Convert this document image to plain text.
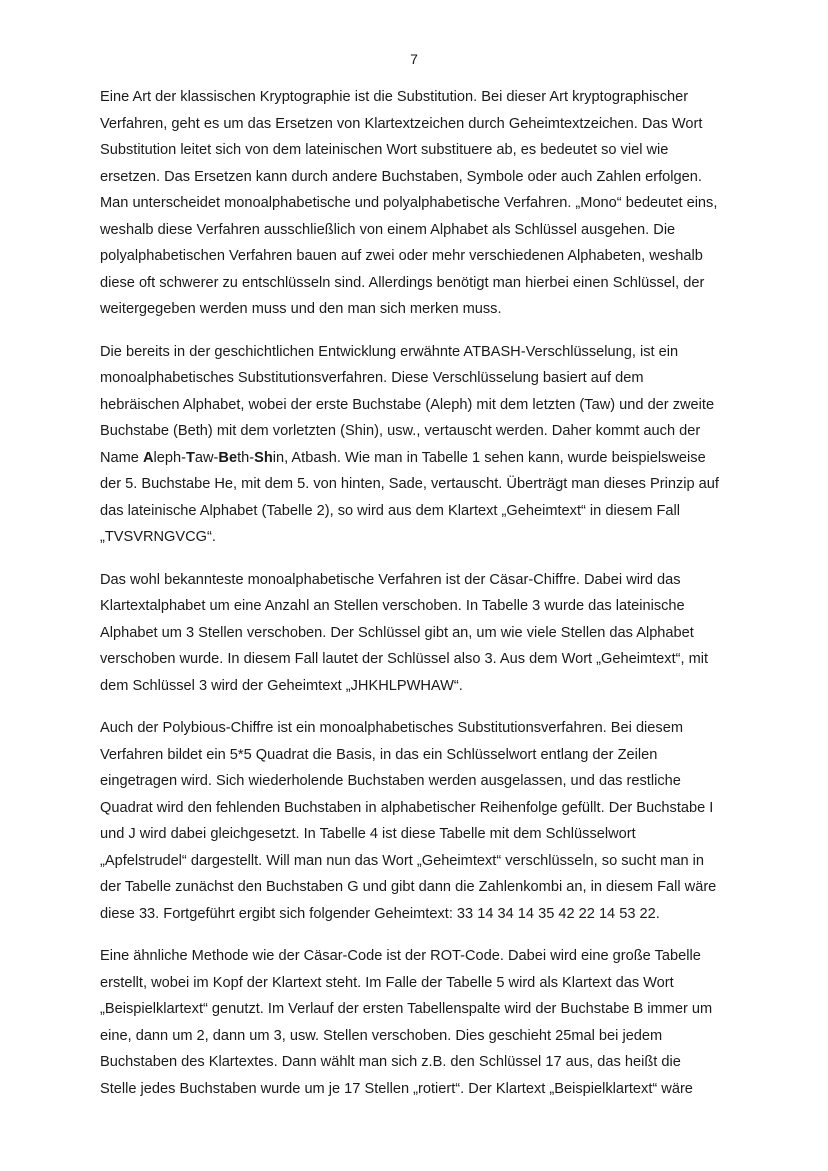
7

Eine Art der klassischen Kryptographie ist die Substitution. Bei dieser Art kryptographischer
Verfahren, geht es um das Ersetzen von Klartextzeichen durch Geheimtextzeichen. Das Wort
Substitution leitet sich von dem lateinischen Wort substituere ab, es bedeutet so viel wie
ersetzen. Das Ersetzen kann durch andere Buchstaben, Symbole oder auch Zahlen erfolgen.
Man unterscheidet monoalphabetische und polyalphabetische Verfahren. „Mono“ bedeutet eins,
weshalb diese Verfahren ausschließlich von einem Alphabet als Schlüssel ausgehen. Die
polyalphabetischen Verfahren bauen auf zwei oder mehr verschiedenen Alphabeten, weshalb
diese oft schwerer zu entschlüsseln sind. Allerdings benötigt man hierbei einen Schlüssel, der
weitergegeben werden muss und den man sich merken muss.

Die bereits in der geschichtlichen Entwicklung erwähnte ATBASH-Verschlüsselung, ist ein
monoalphabetisches Substitutionsverfahren. Diese Verschlüsselung basiert auf dem
hebräischen Alphabet, wobei der erste Buchstabe (Aleph) mit dem letzten (Taw) und der zweite
Buchstabe (Beth) mit dem vorletzten (Shin), usw., vertauscht werden. Daher kommt auch der
Name Aleph-Taw-Beth-Shin, Atbash. Wie man in Tabelle 1 sehen kann, wurde beispielsweise
der 5. Buchstabe He, mit dem 5. von hinten, Sade, vertauscht. Überträgt man dieses Prinzip auf
das lateinische Alphabet (Tabelle 2), so wird aus dem Klartext „Geheimtext“ in diesem Fall
„TVSVRNGVCG“.

Das wohl bekannteste monoalphabetische Verfahren ist der Cäsar-Chiffre. Dabei wird das
Klartextalphabet um eine Anzahl an Stellen verschoben. In Tabelle 3 wurde das lateinische
Alphabet um 3 Stellen verschoben. Der Schlüssel gibt an, um wie viele Stellen das Alphabet
verschoben wurde. In diesem Fall lautet der Schlüssel also 3. Aus dem Wort „Geheimtext“, mit
dem Schlüssel 3 wird der Geheimtext „JHKHLPWHAW“.

Auch der Polybious-Chiffre ist ein monoalphabetisches Substitutionsverfahren. Bei diesem
Verfahren bildet ein 5*5 Quadrat die Basis, in das ein Schlüsselwort entlang der Zeilen
eingetragen wird. Sich wiederholende Buchstaben werden ausgelassen, und das restliche
Quadrat wird den fehlenden Buchstaben in alphabetischer Reihenfolge gefüllt. Der Buchstabe I
und J wird dabei gleichgesetzt. In Tabelle 4 ist diese Tabelle mit dem Schlüsselwort
„Apfelstrudel“ dargestellt. Will man nun das Wort „Geheimtext“ verschlüsseln, so sucht man in
der Tabelle zunächst den Buchstaben G und gibt dann die Zahlenkombi an, in diesem Fall wäre
diese 33. Fortgeführt ergibt sich folgender Geheimtext: 33 14 34 14 35 42 22 14 53 22.

Eine ähnliche Methode wie der Cäsar-Code ist der ROT-Code. Dabei wird eine große Tabelle
erstellt, wobei im Kopf der Klartext steht. Im Falle der Tabelle 5 wird als Klartext das Wort
„Beispielklartext“ genutzt. Im Verlauf der ersten Tabellenspalte wird der Buchstabe B immer um
eine, dann um 2, dann um 3, usw. Stellen verschoben. Dies geschieht 25mal bei jedem
Buchstaben des Klartextes. Dann wählt man sich z.B. den Schlüssel 17 aus, das heißt die
Stelle jedes Buchstaben wurde um je 17 Stellen „rotiert“. Der Klartext „Beispielklartext“ wäre
